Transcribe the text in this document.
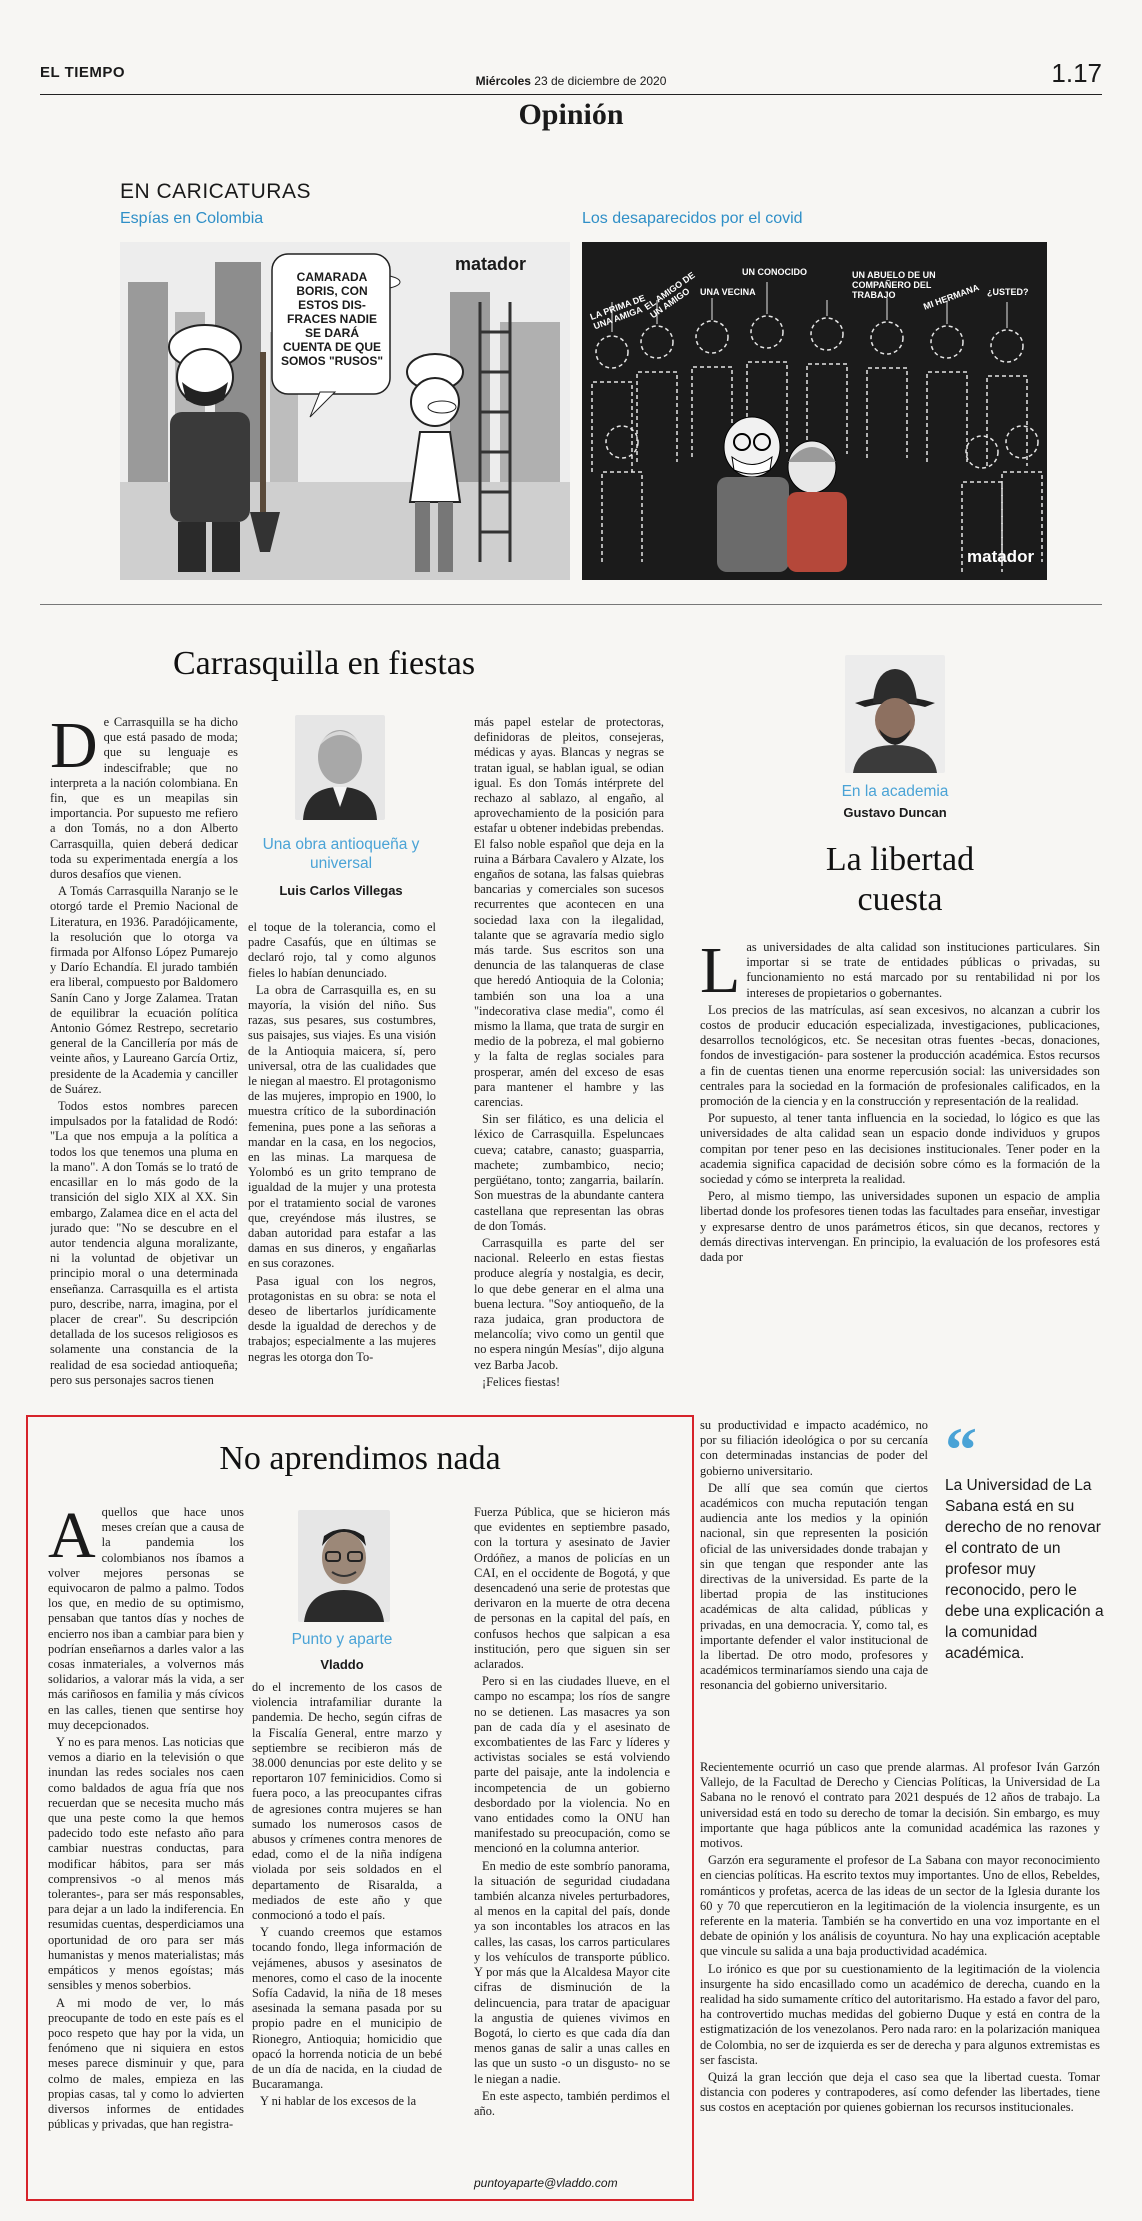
EL TIEMPO	Miércoles 23 de diciembre de 2020	1.17
Opinión
EN CARICATURAS
Espías en Colombia	Los desaparecidos por el covid
CAMARADA BORIS, CON ESTOS DIS-FRACES NADIE SE DARÁ CUENTA DE QUE SOMOS "RUSOS"
matador
LA PRIMA DE UNA AMIGA
EL AMIGO DE UN AMIGO UNA VECINA
UN CONOCIDO	UN ABUELO DE UN COMPAÑERO DEL TRABAJO	MI HERMANA ¿USTED?
matador
Carrasquilla en fiestas
Una obra antioqueña y universal
Luis Carlos Villegas

De Carrasquilla se ha dicho que está pasado de moda; que su lenguaje es indescifrable; que no interpreta a la nación colombiana. En fin, que es un meapilas sin importancia. Por supuesto me refiero a don Tomás, no a don Alberto Carrasquilla, quien deberá dedicar toda su experimentada energía a los duros desafíos que vienen.

A Tomás Carrasquilla Naranjo se le otorgó tarde el Premio Nacional de Literatura, en 1936. Paradójicamente, la resolución que lo otorga va firmada por Alfonso López Pumarejo y Darío Echandía. El jurado también era liberal, compuesto por Baldomero Sanín Cano y Jorge Zalamea. Tratan de equilibrar la ecuación política Antonio Gómez Restrepo, secretario general de la Cancillería por más de veinte años, y Laureano García Ortiz, presidente de la Academia y canciller de Suárez.

Todos estos nombres parecen impulsados por la fatalidad de Rodó: "La que nos empuja a la política a todos los que tenemos una pluma en la mano". A don Tomás se lo trató de encasillar en lo más godo de la transición del siglo XIX al XX. Sin embargo, Zalamea dice en el acta del jurado que: "No se descubre en el autor tendencia alguna moralizante, ni la voluntad de objetivar un principio moral o una determinada enseñanza. Carrasquilla es el artista puro, describe, narra, imagina, por el placer de crear". Su descripción detallada de los sucesos religiosos es solamente una constancia de la realidad de esa sociedad antioqueña; pero sus personajes sacros tienen

el toque de la tolerancia, como el padre Casafús, que en últimas se declaró rojo, tal y como algunos fieles lo habían denunciado.

La obra de Carrasquilla es, en su mayoría, la visión del niño. Sus razas, sus pesares, sus costumbres, sus paisajes, sus viajes. Es una visión de la Antioquia maicera, sí, pero universal, otra de las cualidades que le niegan al maestro. El protagonismo de las mujeres, impropio en 1900, lo muestra crítico de la subordinación femenina, pues pone a las señoras a mandar en la casa, en los negocios, en las minas. La marquesa de Yolombó es un grito temprano de igualdad de la mujer y una protesta por el tratamiento social de varones que, creyéndose más ilustres, se daban autoridad para estafar a las damas en sus dineros, y engañarlas en sus corazones.

Pasa igual con los negros, protagonistas en su obra: se nota el deseo de libertarlos jurídicamente desde la igualdad de derechos y de trabajos; especialmente a las mujeres negras les otorga don To-

más papel estelar de protectoras, definidoras de pleitos, consejeras, médicas y ayas. Blancas y negras se tratan igual, se hablan igual, se odian igual. Es don Tomás intérprete del rechazo al sablazo, al engaño, al aprovechamiento de la posición para estafar u obtener indebidas prebendas. El falso noble español que deja en la ruina a Bárbara Cavalero y Alzate, los engaños de sotana, las falsas quiebras bancarias y comerciales son sucesos recurrentes que acontecen en una sociedad laxa con la ilegalidad, talante que se agravaría medio siglo más tarde. Sus escritos son una denuncia de las talanqueras de clase que heredó Antioquia de la Colonia; también son una loa a una "indecorativa clase media", como él mismo la llama, que trata de surgir en medio de la pobreza, el mal gobierno y la falta de reglas sociales para prosperar, amén del exceso de esas para mantener el hambre y las carencias.

Sin ser filático, es una delicia el léxico de Carrasquilla. Espeluncaes cueva; catabre, canasto; guasparria, machete; zumbambico, necio; pergüétano, tonto; zangarria, bailarín. Son muestras de la abundante cantera castellana que representan las obras de don Tomás.

Carrasquilla es parte del ser nacional. Releerlo en estas fiestas produce alegría y nostalgia, es decir, lo que debe generar en el alma una buena lectura. "Soy antioqueño, de la raza judaica, gran productora de melancolía; vivo como un gentil que no espera ningún Mesías", dijo alguna vez Barba Jacob.

¡Felices fiestas!

En la academia
Gustavo Duncan
La libertad
cuesta

Las universidades de alta calidad son instituciones particulares. Sin importar si se trate de entidades públicas o privadas, su funcionamiento no está marcado por su rentabilidad ni por los intereses de propietarios o gobernantes.

Los precios de las matrículas, así sean excesivos, no alcanzan a cubrir los costos de producir educación especializada, investigaciones, publicaciones, desarrollos tecnológicos, etc. Se necesitan otras fuentes -becas, donaciones, fondos de investigación- para sostener la producción académica. Estos recursos a fin de cuentas tienen una enorme repercusión social: las universidades son centrales para la sociedad en la formación de profesionales calificados, en la promoción de la ciencia y en la construcción y representación de la realidad.

Por supuesto, al tener tanta influencia en la sociedad, lo lógico es que las universidades de alta calidad sean un espacio donde individuos y grupos compitan por tener peso en las decisiones institucionales. Tener poder en la academia significa capacidad de decisión sobre cómo es la formación de la sociedad y cómo se interpreta la realidad.

Pero, al mismo tiempo, las universidades suponen un espacio de amplia libertad donde los profesores tienen todas las facultades para enseñar, investigar y expresarse dentro de unos parámetros éticos, sin que decanos, rectores y demás directivas intervengan. En principio, la evaluación de los profesores está dada por

su productividad e impacto académico, no por su filiación ideológica o por su cercanía con determinadas instancias de poder del gobierno universitario.

De allí que sea común que ciertos académicos con mucha reputación tengan audiencia ante los medios y la opinión nacional, sin que representen la posición oficial de las universidades donde trabajan y sin que tengan que responder ante las directivas de la universidad. Es parte de la libertad propia de las instituciones académicas de alta calidad, públicas y privadas, en una democracia. Y, como tal, es importante defender el valor institucional de la libertad. De otro modo, profesores y académicos terminaríamos siendo una caja de resonancia del gobierno universitario.

“
La Universidad de La Sabana está en su derecho de no renovar el contrato de un profesor muy reconocido, pero le debe una explicación a la comunidad académica.

Recientemente ocurrió un caso que prende alarmas. Al profesor Iván Garzón Vallejo, de la Facultad de Derecho y Ciencias Políticas, la Universidad de La Sabana no le renovó el contrato para 2021 después de 12 años de trabajo. La universidad está en todo su derecho de tomar la decisión. Sin embargo, es muy importante que haga públicos ante la comunidad académica las razones y motivos.

Garzón era seguramente el profesor de La Sabana con mayor reconocimiento en ciencias políticas. Ha escrito textos muy importantes. Uno de ellos, Rebeldes, románticos y profetas, acerca de las ideas de un sector de la Iglesia durante los 60 y 70 que repercutieron en la legitimación de la violencia insurgente, es un referente en la materia. También se ha convertido en una voz importante en el debate de opinión y los análisis de coyuntura. No hay una explicación aceptable que vincule su salida a una baja productividad académica.

Lo irónico es que por su cuestionamiento de la legitimación de la violencia insurgente ha sido encasillado como un académico de derecha, cuando en la realidad ha sido sumamente crítico del autoritarismo. Ha estado a favor del paro, ha controvertido muchas medidas del gobierno Duque y está en contra de la estigmatización de los venezolanos. Pero nada raro: en la polarización maniquea de Colombia, no ser de izquierda es ser de derecha y para algunos extremistas es ser fascista.

Quizá la gran lección que deja el caso sea que la libertad cuesta. Tomar distancia con poderes y contrapoderes, así como defender las libertades, tiene sus costos en aceptación por quienes gobiernan los recursos institucionales.

No aprendimos nada
Punto y aparte
Vladdo

Aquellos que hace unos meses creían que a causa de la pandemia los colombianos nos íbamos a volver mejores personas se equivocaron de palmo a palmo. Todos los que, en medio de su optimismo, pensaban que tantos días y noches de encierro nos iban a cambiar para bien y podrían enseñarnos a darles valor a las cosas inmateriales, a volvernos más solidarios, a valorar más la vida, a ser más cariñosos en familia y más cívicos en las calles, tienen que sentirse hoy muy decepcionados.

Y no es para menos. Las noticias que vemos a diario en la televisión o que inundan las redes sociales nos caen como baldados de agua fría que nos recuerdan que se necesita mucho más que una peste como la que hemos padecido todo este nefasto año para cambiar nuestras conductas, para modificar hábitos, para ser más comprensivos -o al menos más tolerantes-, para ser más responsables, para dejar a un lado la indiferencia. En resumidas cuentas, desperdiciamos una oportunidad de oro para ser más humanistas y menos materialistas; más empáticos y menos egoístas; más sensibles y menos soberbios.

A mi modo de ver, lo más preocupante de todo en este país es el poco respeto que hay por la vida, un fenómeno que ni siquiera en estos meses parece disminuir y que, para colmo de males, empieza en las propias casas, tal y como lo advierten diversos informes de entidades públicas y privadas, que han registra-

do el incremento de los casos de violencia intrafamiliar durante la pandemia. De hecho, según cifras de la Fiscalía General, entre marzo y septiembre se recibieron más de 38.000 denuncias por este delito y se reportaron 107 feminicidios. Como si fuera poco, a las preocupantes cifras de agresiones contra mujeres se han sumado los numerosos casos de abusos y crímenes contra menores de edad, como el de la niña indígena violada por seis soldados en el departamento de Risaralda, a mediados de este año y que conmocionó a todo el país.

Y cuando creemos que estamos tocando fondo, llega información de vejámenes, abusos y asesinatos de menores, como el caso de la inocente Sofía Cadavid, la niña de 18 meses asesinada la semana pasada por su propio padre en el municipio de Rionegro, Antioquia; homicidio que opacó la horrenda noticia de un bebé de un día de nacida, en la ciudad de Bucaramanga.

Y ni hablar de los excesos de la

Fuerza Pública, que se hicieron más que evidentes en septiembre pasado, con la tortura y asesinato de Javier Ordóñez, a manos de policías en un CAI, en el occidente de Bogotá, y que desencadenó una serie de protestas que derivaron en la muerte de otra decena de personas en la capital del país, en confusos hechos que salpican a esa institución, pero que siguen sin ser aclarados.

Pero si en las ciudades llueve, en el campo no escampa; los ríos de sangre no se detienen. Las masacres ya son pan de cada día y el asesinato de excombatientes de las Farc y líderes y activistas sociales se está volviendo parte del paisaje, ante la indolencia e incompetencia de un gobierno desbordado por la violencia. No en vano entidades como la ONU han manifestado su preocupación, como se mencionó en la columna anterior.

En medio de este sombrío panorama, la situación de seguridad ciudadana también alcanza niveles perturbadores, al menos en la capital del país, donde ya son incontables los atracos en las calles, las casas, los carros particulares y los vehículos de transporte público. Y por más que la Alcaldesa Mayor cite cifras de disminución de la delincuencia, para tratar de apaciguar la angustia de quienes vivimos en Bogotá, lo cierto es que cada día dan menos ganas de salir a unas calles en las que un susto -o un disgusto- no se le niegan a nadie.

En este aspecto, también perdimos el año.

puntoyaparte@vladdo.com
